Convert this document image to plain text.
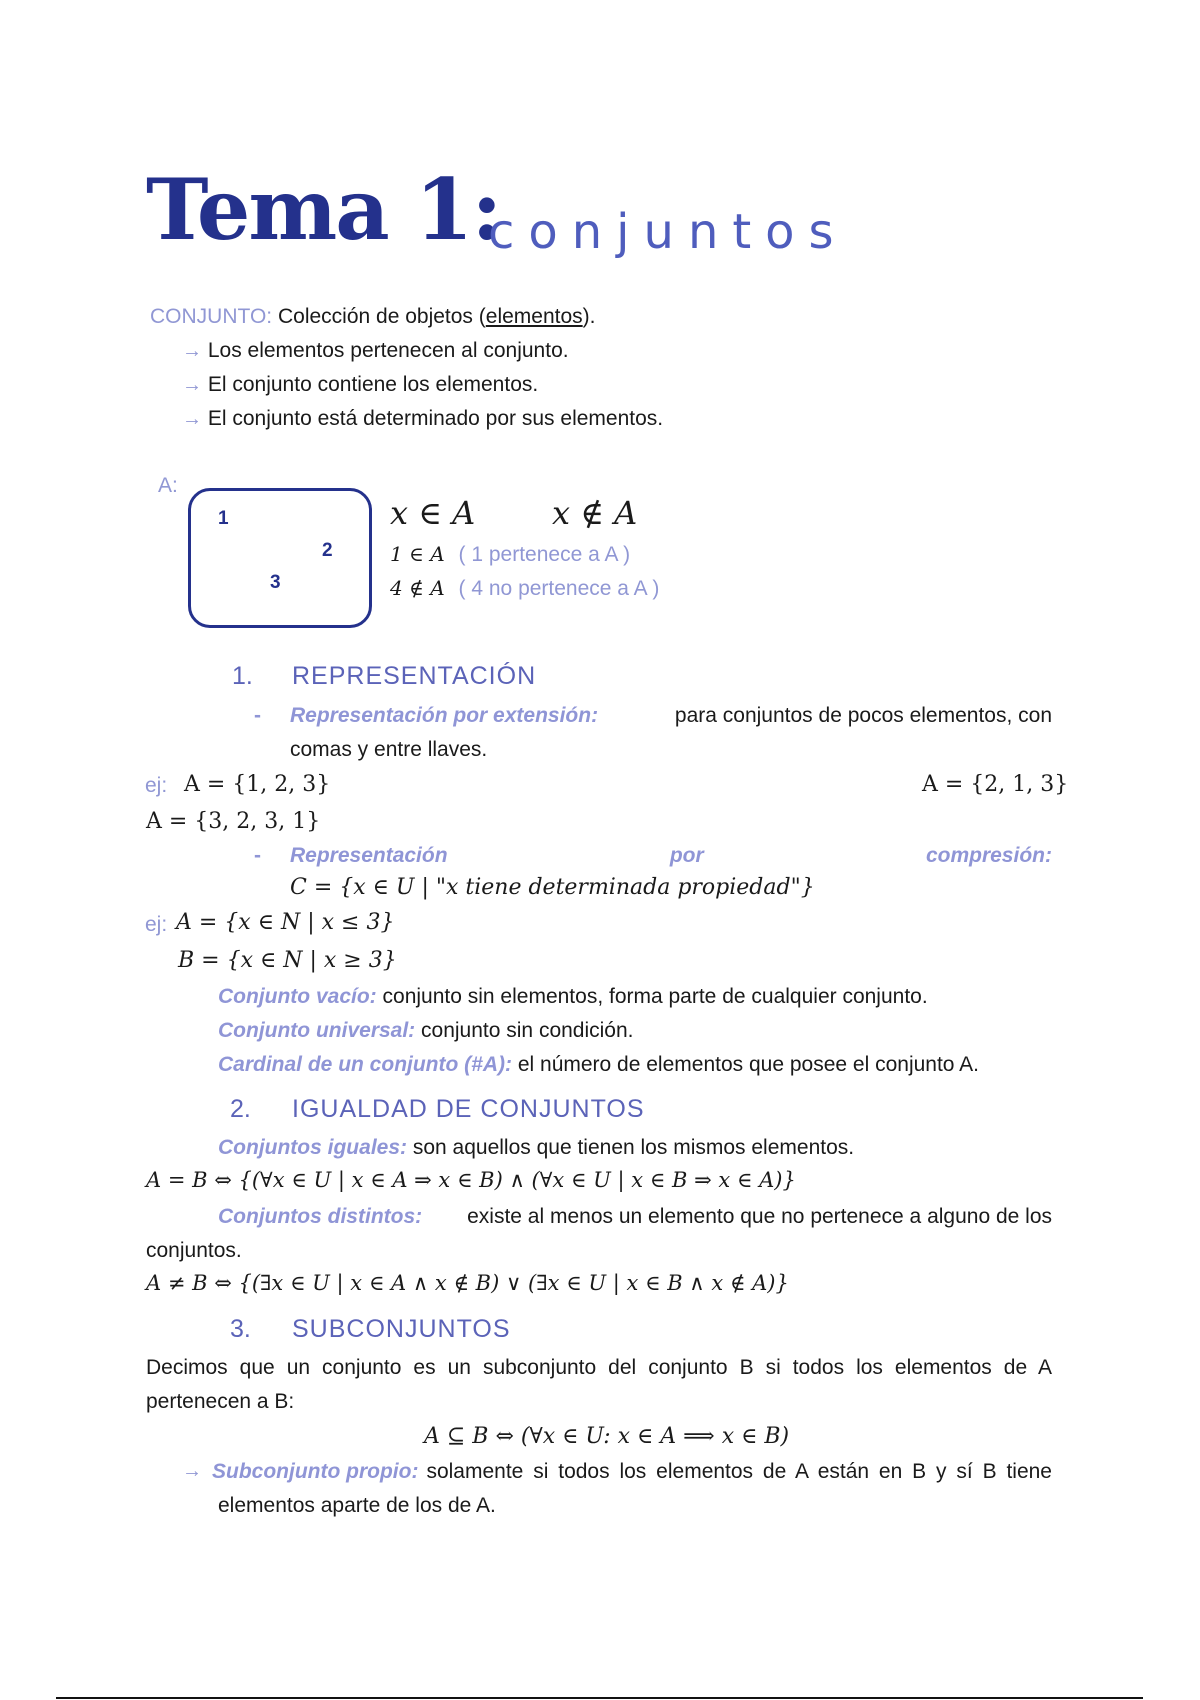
Tema 1:
conjuntos
CONJUNTO: Colección de objetos (elementos).
→ Los elementos pertenecen al conjunto.
→ El conjunto contiene los elementos.
→ El conjunto está determinado por sus elementos.
A:
1
2
3
x ∈ A x ∉ A
1 ∈ A ( 1 pertenece a A )
4 ∉ A ( 4 no pertenece a A )
1. REPRESENTACIÓN
- Representación por extensión:	para conjuntos de pocos elementos, con
comas y entre llaves.
ej: A = {1, 2, 3}	A = {2, 1, 3}
A = {3, 2, 3, 1}
- Representación	por	compresión:
C = {x ∈ U | "x tiene determinada propiedad"}
ej: A = {x ∈ N | x ≤ 3}
B = {x ∈ N | x ≥ 3}
Conjunto vacío: conjunto sin elementos, forma parte de cualquier conjunto.
Conjunto universal: conjunto sin condición.
Cardinal de un conjunto (#A): el número de elementos que posee el conjunto A.
2. IGUALDAD DE CONJUNTOS
Conjuntos iguales: son aquellos que tienen los mismos elementos.
A = B ⇔ {(∀x ∈ U | x ∈ A ⇒ x ∈ B) ∧ (∀x ∈ U | x ∈ B ⇒ x ∈ A)}
Conjuntos distintos: existe al menos un elemento que no pertenece a alguno de los
conjuntos.
A ≠ B ⇔ {(∃x ∈ U | x ∈ A ∧ x ∉ B) ∨ (∃x ∈ U | x ∈ B ∧ x ∉ A)}
3. SUBCONJUNTOS
Decimos que un conjunto es un subconjunto del conjunto B si todos los elementos de A
pertenecen a B:
A ⊆ B ⇔ (∀x ∈ U: x ∈ A ⟹ x ∈ B)
→ Subconjunto propio: solamente si todos los elementos de A están en B y sí B tiene
elementos aparte de los de A.
